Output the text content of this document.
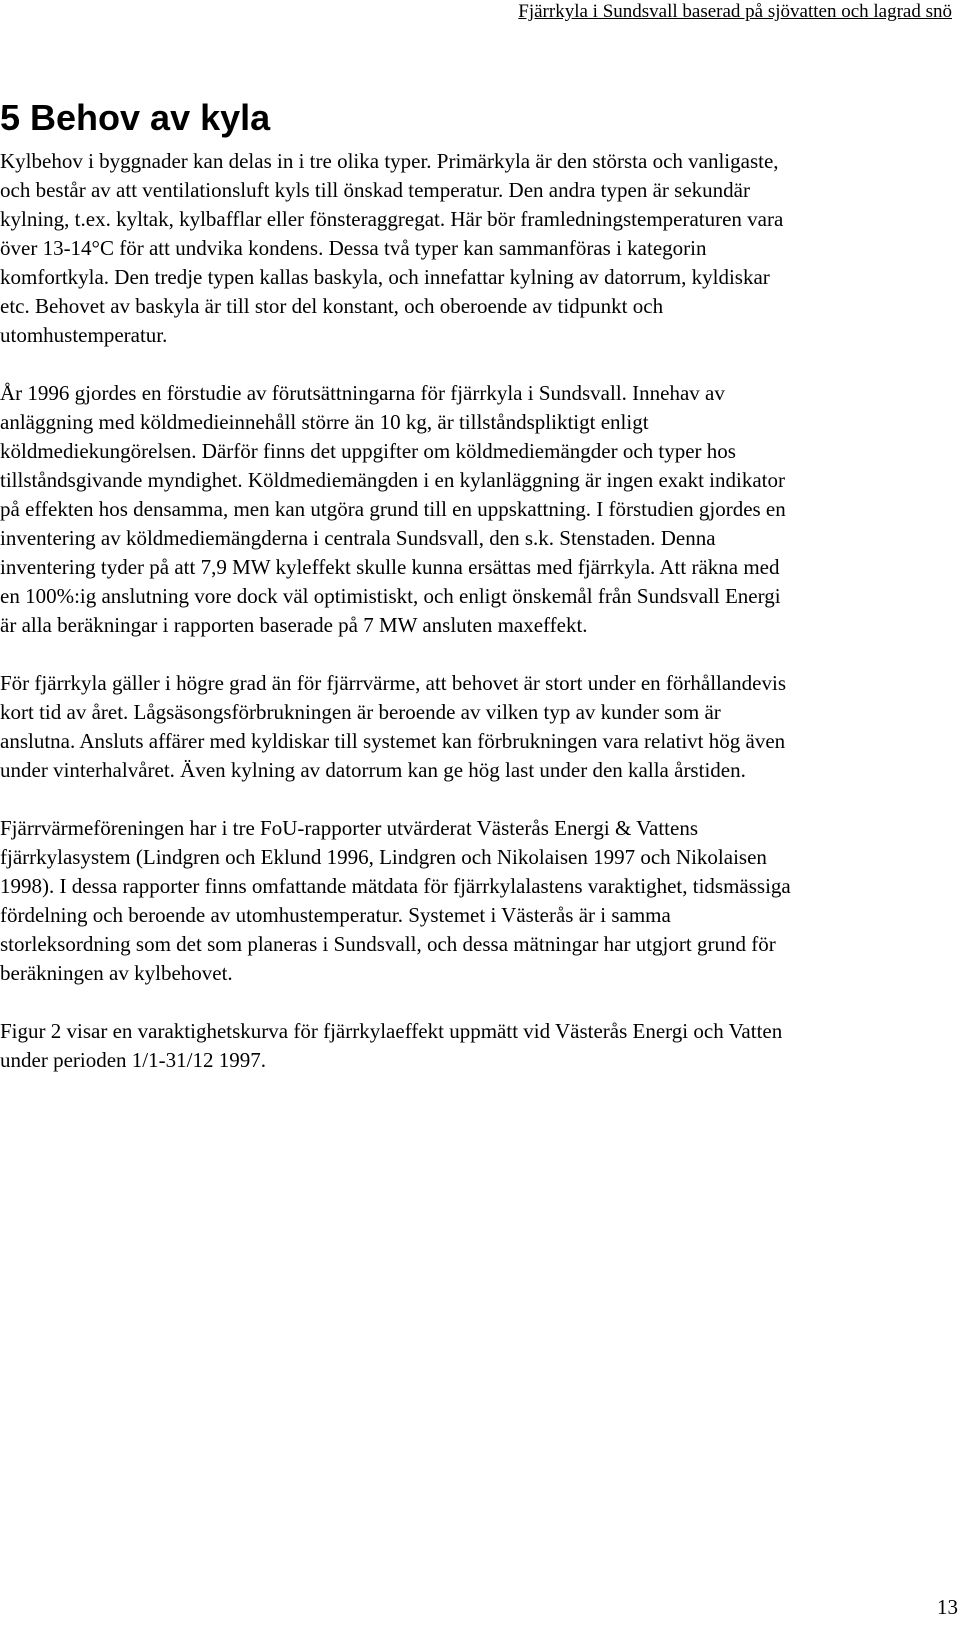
Fjärrkyla i Sundsvall baserad på sjövatten och lagrad snö
5 Behov av kyla

Kylbehov i byggnader kan delas in i tre olika typer. Primärkyla är den största och vanligaste,
och består av att ventilationsluft kyls till önskad temperatur. Den andra typen är sekundär
kylning, t.ex. kyltak, kylbafflar eller fönsteraggregat. Här bör framledningstemperaturen vara
över 13-14°C för att undvika kondens. Dessa två typer kan sammanföras i kategorin
komfortkyla. Den tredje typen kallas baskyla, och innefattar kylning av datorrum, kyldiskar
etc. Behovet av baskyla är till stor del konstant, och oberoende av tidpunkt och
utomhustemperatur.

År 1996 gjordes en förstudie av förutsättningarna för fjärrkyla i Sundsvall. Innehav av
anläggning med köldmedieinnehåll större än 10 kg, är tillståndspliktigt enligt
köldmediekungörelsen. Därför finns det uppgifter om köldmediemängder och typer hos
tillståndsgivande myndighet. Köldmediemängden i en kylanläggning är ingen exakt indikator
på effekten hos densamma, men kan utgöra grund till en uppskattning. I förstudien gjordes en
inventering av köldmediemängderna i centrala Sundsvall, den s.k. Stenstaden. Denna
inventering tyder på att 7,9 MW kyleffekt skulle kunna ersättas med fjärrkyla. Att räkna med
en 100%:ig anslutning vore dock väl optimistiskt, och enligt önskemål från Sundsvall Energi
är alla beräkningar i rapporten baserade på 7 MW ansluten maxeffekt.

För fjärrkyla gäller i högre grad än för fjärrvärme, att behovet är stort under en förhållandevis
kort tid av året. Lågsäsongsförbrukningen är beroende av vilken typ av kunder som är
anslutna. Ansluts affärer med kyldiskar till systemet kan förbrukningen vara relativt hög även
under vinterhalvåret. Även kylning av datorrum kan ge hög last under den kalla årstiden.

Fjärrvärmeföreningen har i tre FoU-rapporter utvärderat Västerås Energi & Vattens
fjärrkylasystem (Lindgren och Eklund 1996, Lindgren och Nikolaisen 1997 och Nikolaisen
1998). I dessa rapporter finns omfattande mätdata för fjärrkylalastens varaktighet, tidsmässiga
fördelning och beroende av utomhustemperatur. Systemet i Västerås är i samma
storleksordning som det som planeras i Sundsvall, och dessa mätningar har utgjort grund för
beräkningen av kylbehovet.

Figur 2 visar en varaktighetskurva för fjärrkylaeffekt uppmätt vid Västerås Energi och Vatten
under perioden 1/1-31/12 1997.

13
